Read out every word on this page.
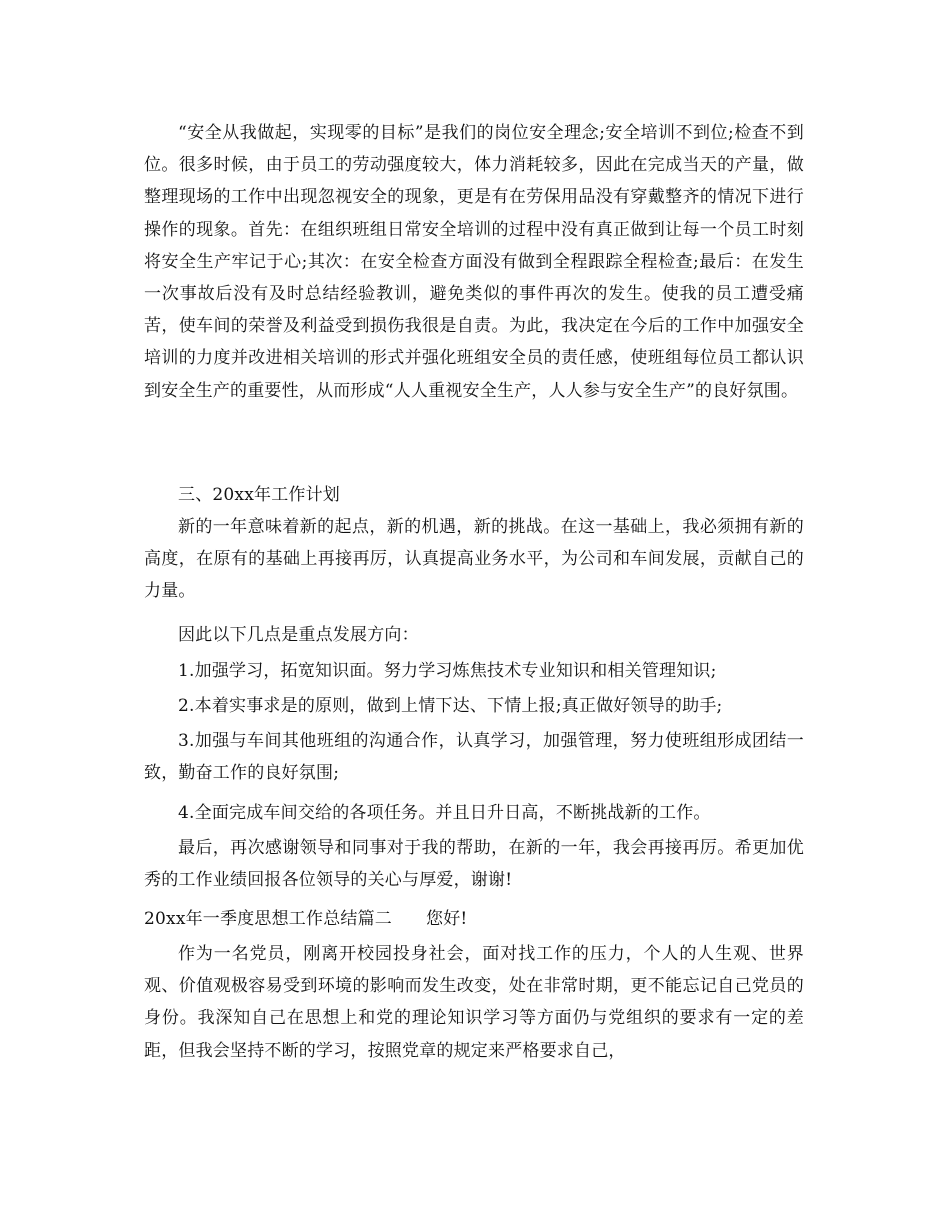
“安全从我做起，实现零的目标”是我们的岗位安全理念;安全培训不到位;检查不到位。很多时候，由于员工的劳动强度较大，体力消耗较多，因此在完成当天的产量，做整理现场的工作中出现忽视安全的现象，更是有在劳保用品没有穿戴整齐的情况下进行操作的现象。首先：在组织班组日常安全培训的过程中没有真正做到让每一个员工时刻将安全生产牢记于心;其次：在安全检查方面没有做到全程跟踪全程检查;最后：在发生一次事故后没有及时总结经验教训，避免类似的事件再次的发生。使我的员工遭受痛苦，使车间的荣誉及利益受到损伤我很是自责。为此，我决定在今后的工作中加强安全培训的力度并改进相关培训的形式并强化班组安全员的责任感，使班组每位员工都认识到安全生产的重要性，从而形成“人人重视安全生产，人人参与安全生产”的良好氛围。

三、20xx年工作计划

新的一年意味着新的起点，新的机遇，新的挑战。在这一基础上，我必须拥有新的高度，在原有的基础上再接再厉，认真提高业务水平，为公司和车间发展，贡献自己的力量。

因此以下几点是重点发展方向：

1.加强学习，拓宽知识面。努力学习炼焦技术专业知识和相关管理知识;

2.本着实事求是的原则，做到上情下达、下情上报;真正做好领导的助手;

3.加强与车间其他班组的沟通合作，认真学习，加强管理，努力使班组形成团结一致，勤奋工作的良好氛围;

4.全面完成车间交给的各项任务。并且日升日高，不断挑战新的工作。

最后，再次感谢领导和同事对于我的帮助，在新的一年，我会再接再厉。希更加优秀的工作业绩回报各位领导的关心与厚爱，谢谢!

20xx年一季度思想工作总结篇二 您好!

作为一名党员，刚离开校园投身社会，面对找工作的压力，个人的人生观、世界观、价值观极容易受到环境的影响而发生改变，处在非常时期，更不能忘记自己党员的身份。我深知自己在思想上和党的理论知识学习等方面仍与党组织的要求有一定的差距，但我会坚持不断的学习，按照党章的规定来严格要求自己，
